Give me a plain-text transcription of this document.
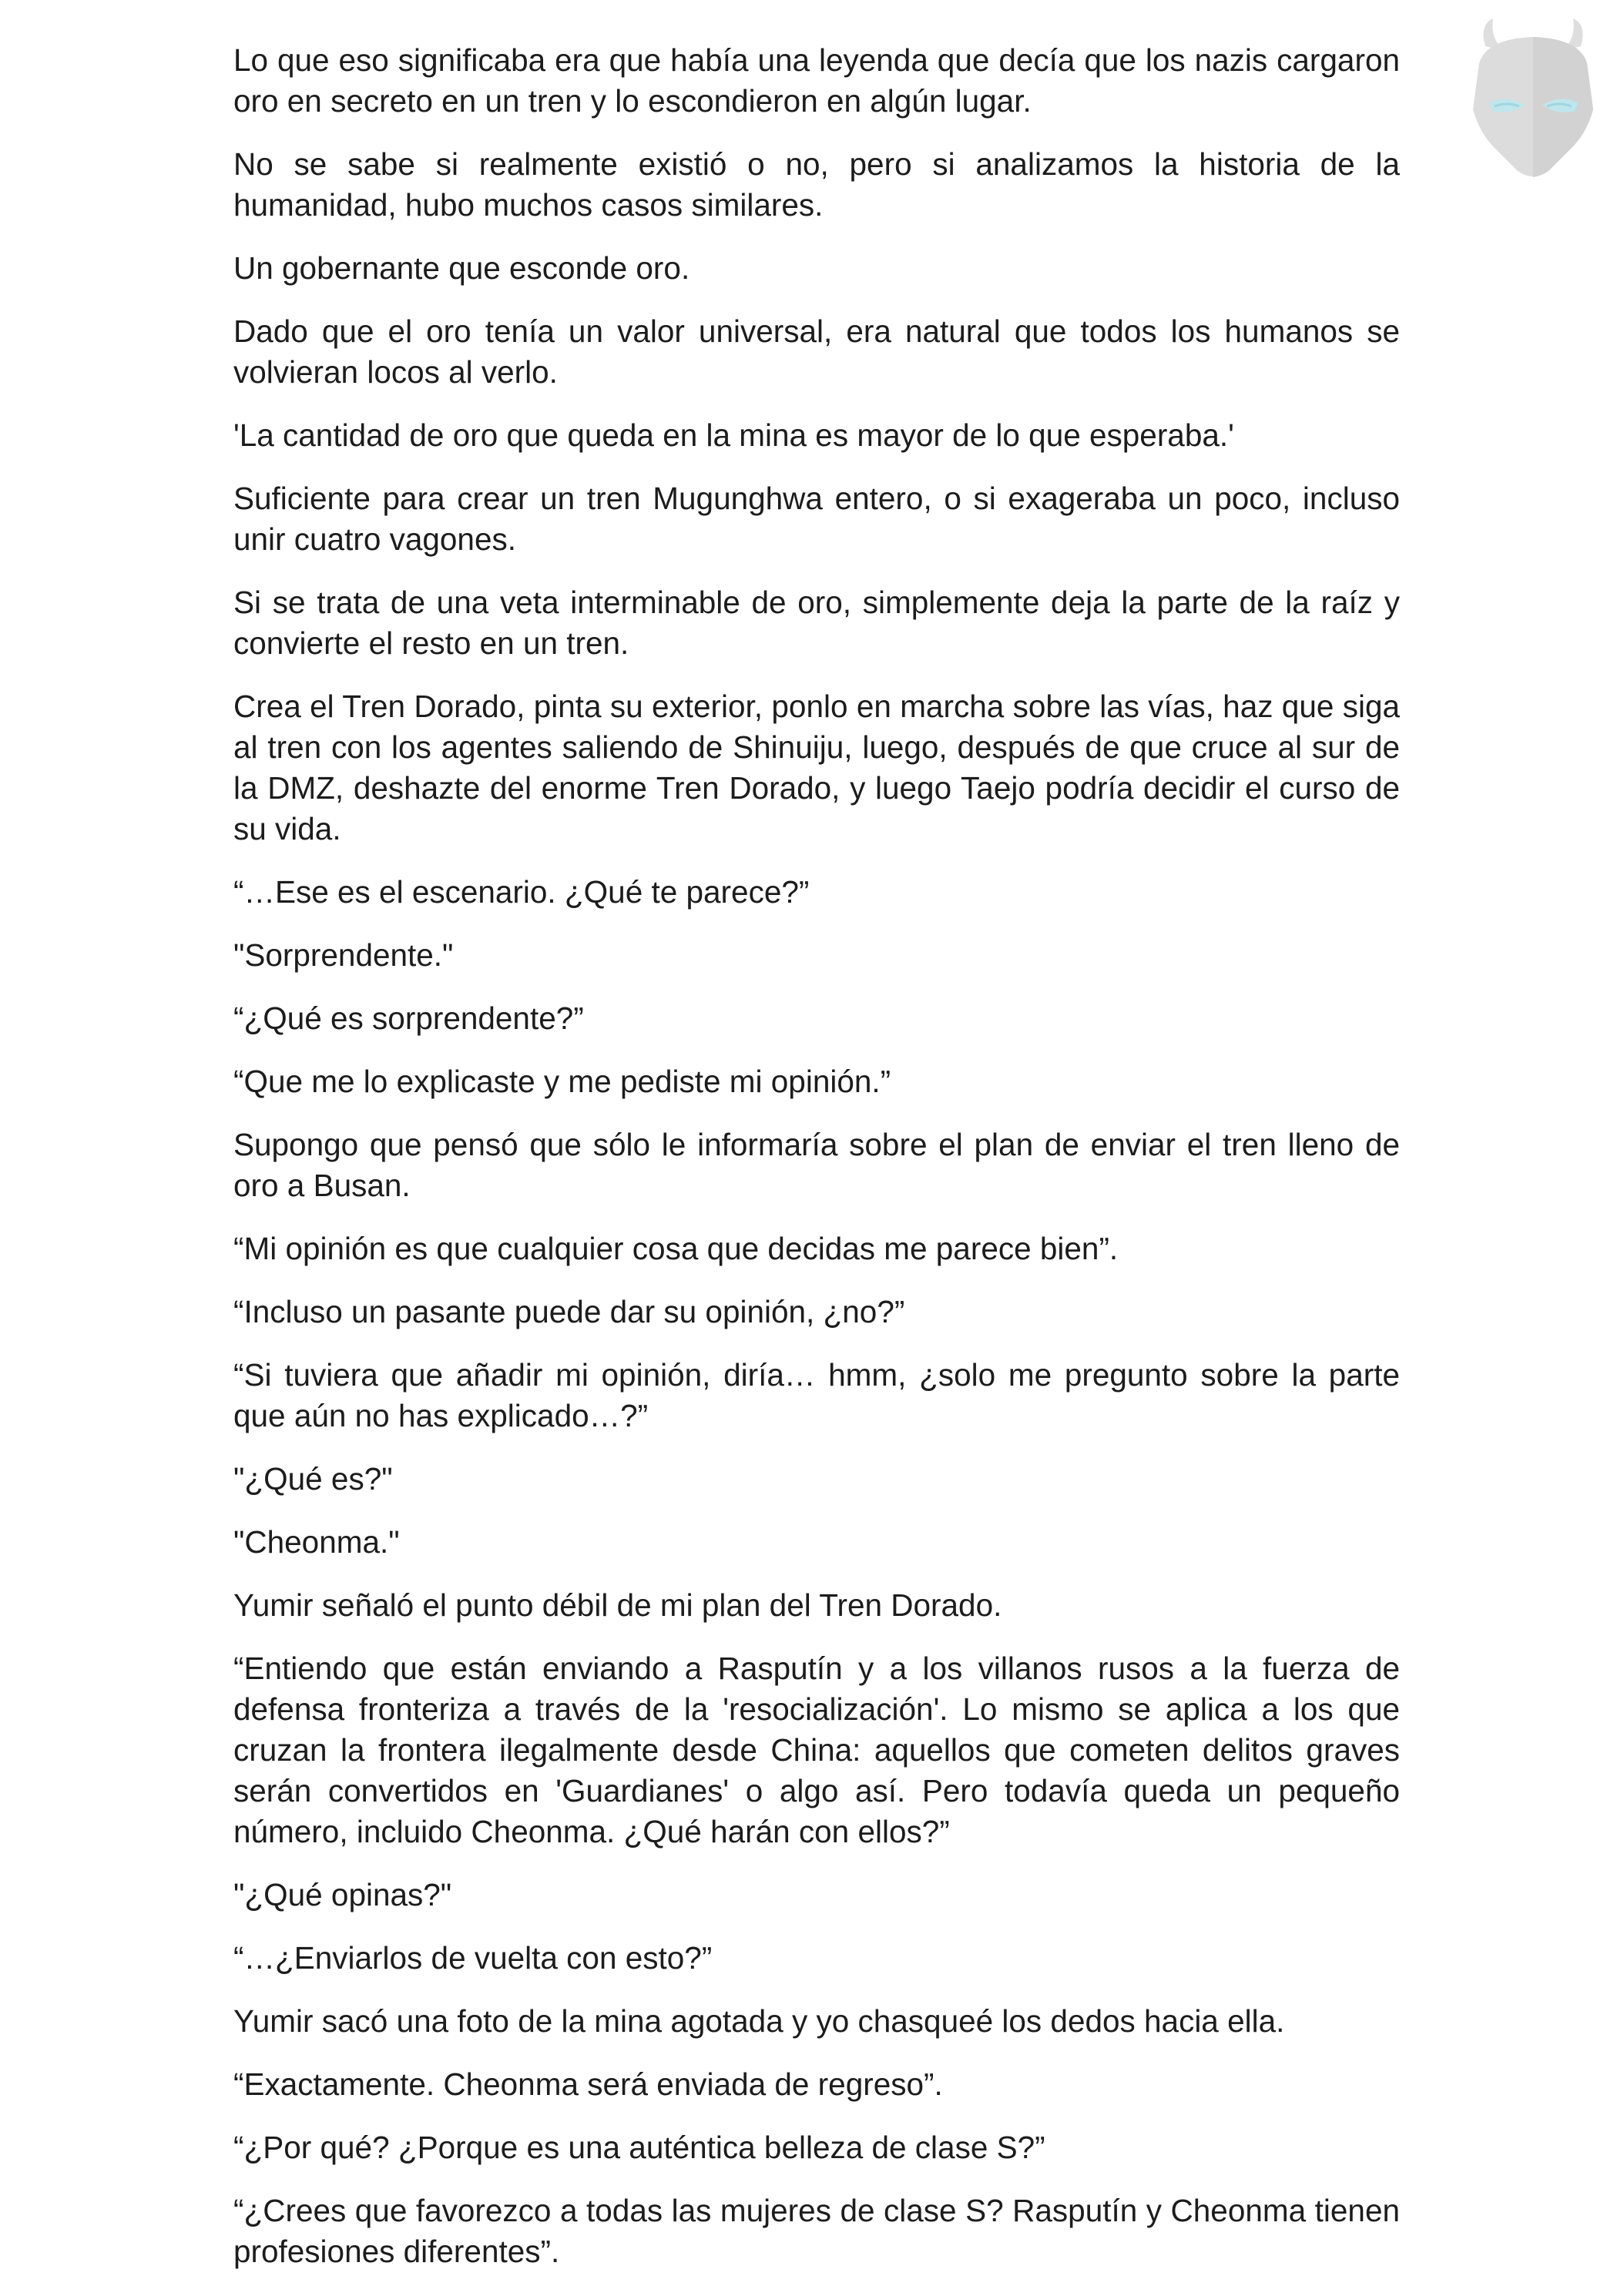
Lo que eso significaba era que había una leyenda que decía que los nazis cargaron oro en secreto en un tren y lo escondieron en algún lugar.

No se sabe si realmente existió o no, pero si analizamos la historia de la humanidad, hubo muchos casos similares.

Un gobernante que esconde oro.

Dado que el oro tenía un valor universal, era natural que todos los humanos se volvieran locos al verlo.

'La cantidad de oro que queda en la mina es mayor de lo que esperaba.'

Suficiente para crear un tren Mugunghwa entero, o si exageraba un poco, incluso unir cuatro vagones.

Si se trata de una veta interminable de oro, simplemente deja la parte de la raíz y convierte el resto en un tren.

Crea el Tren Dorado, pinta su exterior, ponlo en marcha sobre las vías, haz que siga al tren con los agentes saliendo de Shinuiju, luego, después de que cruce al sur de la DMZ, deshazte del enorme Tren Dorado, y luego Taejo podría decidir el curso de su vida.

“…Ese es el escenario. ¿Qué te parece?”

"Sorprendente."

“¿Qué es sorprendente?”

“Que me lo explicaste y me pediste mi opinión.”

Supongo que pensó que sólo le informaría sobre el plan de enviar el tren lleno de oro a Busan.

“Mi opinión es que cualquier cosa que decidas me parece bien”.

“Incluso un pasante puede dar su opinión, ¿no?”

“Si tuviera que añadir mi opinión, diría… hmm, ¿solo me pregunto sobre la parte que aún no has explicado…?”

"¿Qué es?"

"Cheonma."

Yumir señaló el punto débil de mi plan del Tren Dorado.

“Entiendo que están enviando a Rasputín y a los villanos rusos a la fuerza de defensa fronteriza a través de la 'resocialización'. Lo mismo se aplica a los que cruzan la frontera ilegalmente desde China: aquellos que cometen delitos graves serán convertidos en 'Guardianes' o algo así. Pero todavía queda un pequeño número, incluido Cheonma. ¿Qué harán con ellos?”

"¿Qué opinas?"

“…¿Enviarlos de vuelta con esto?”

Yumir sacó una foto de la mina agotada y yo chasqueé los dedos hacia ella.

“Exactamente. Cheonma será enviada de regreso”.

“¿Por qué? ¿Porque es una auténtica belleza de clase S?”

“¿Crees que favorezco a todas las mujeres de clase S? Rasputín y Cheonma tienen profesiones diferentes”.
